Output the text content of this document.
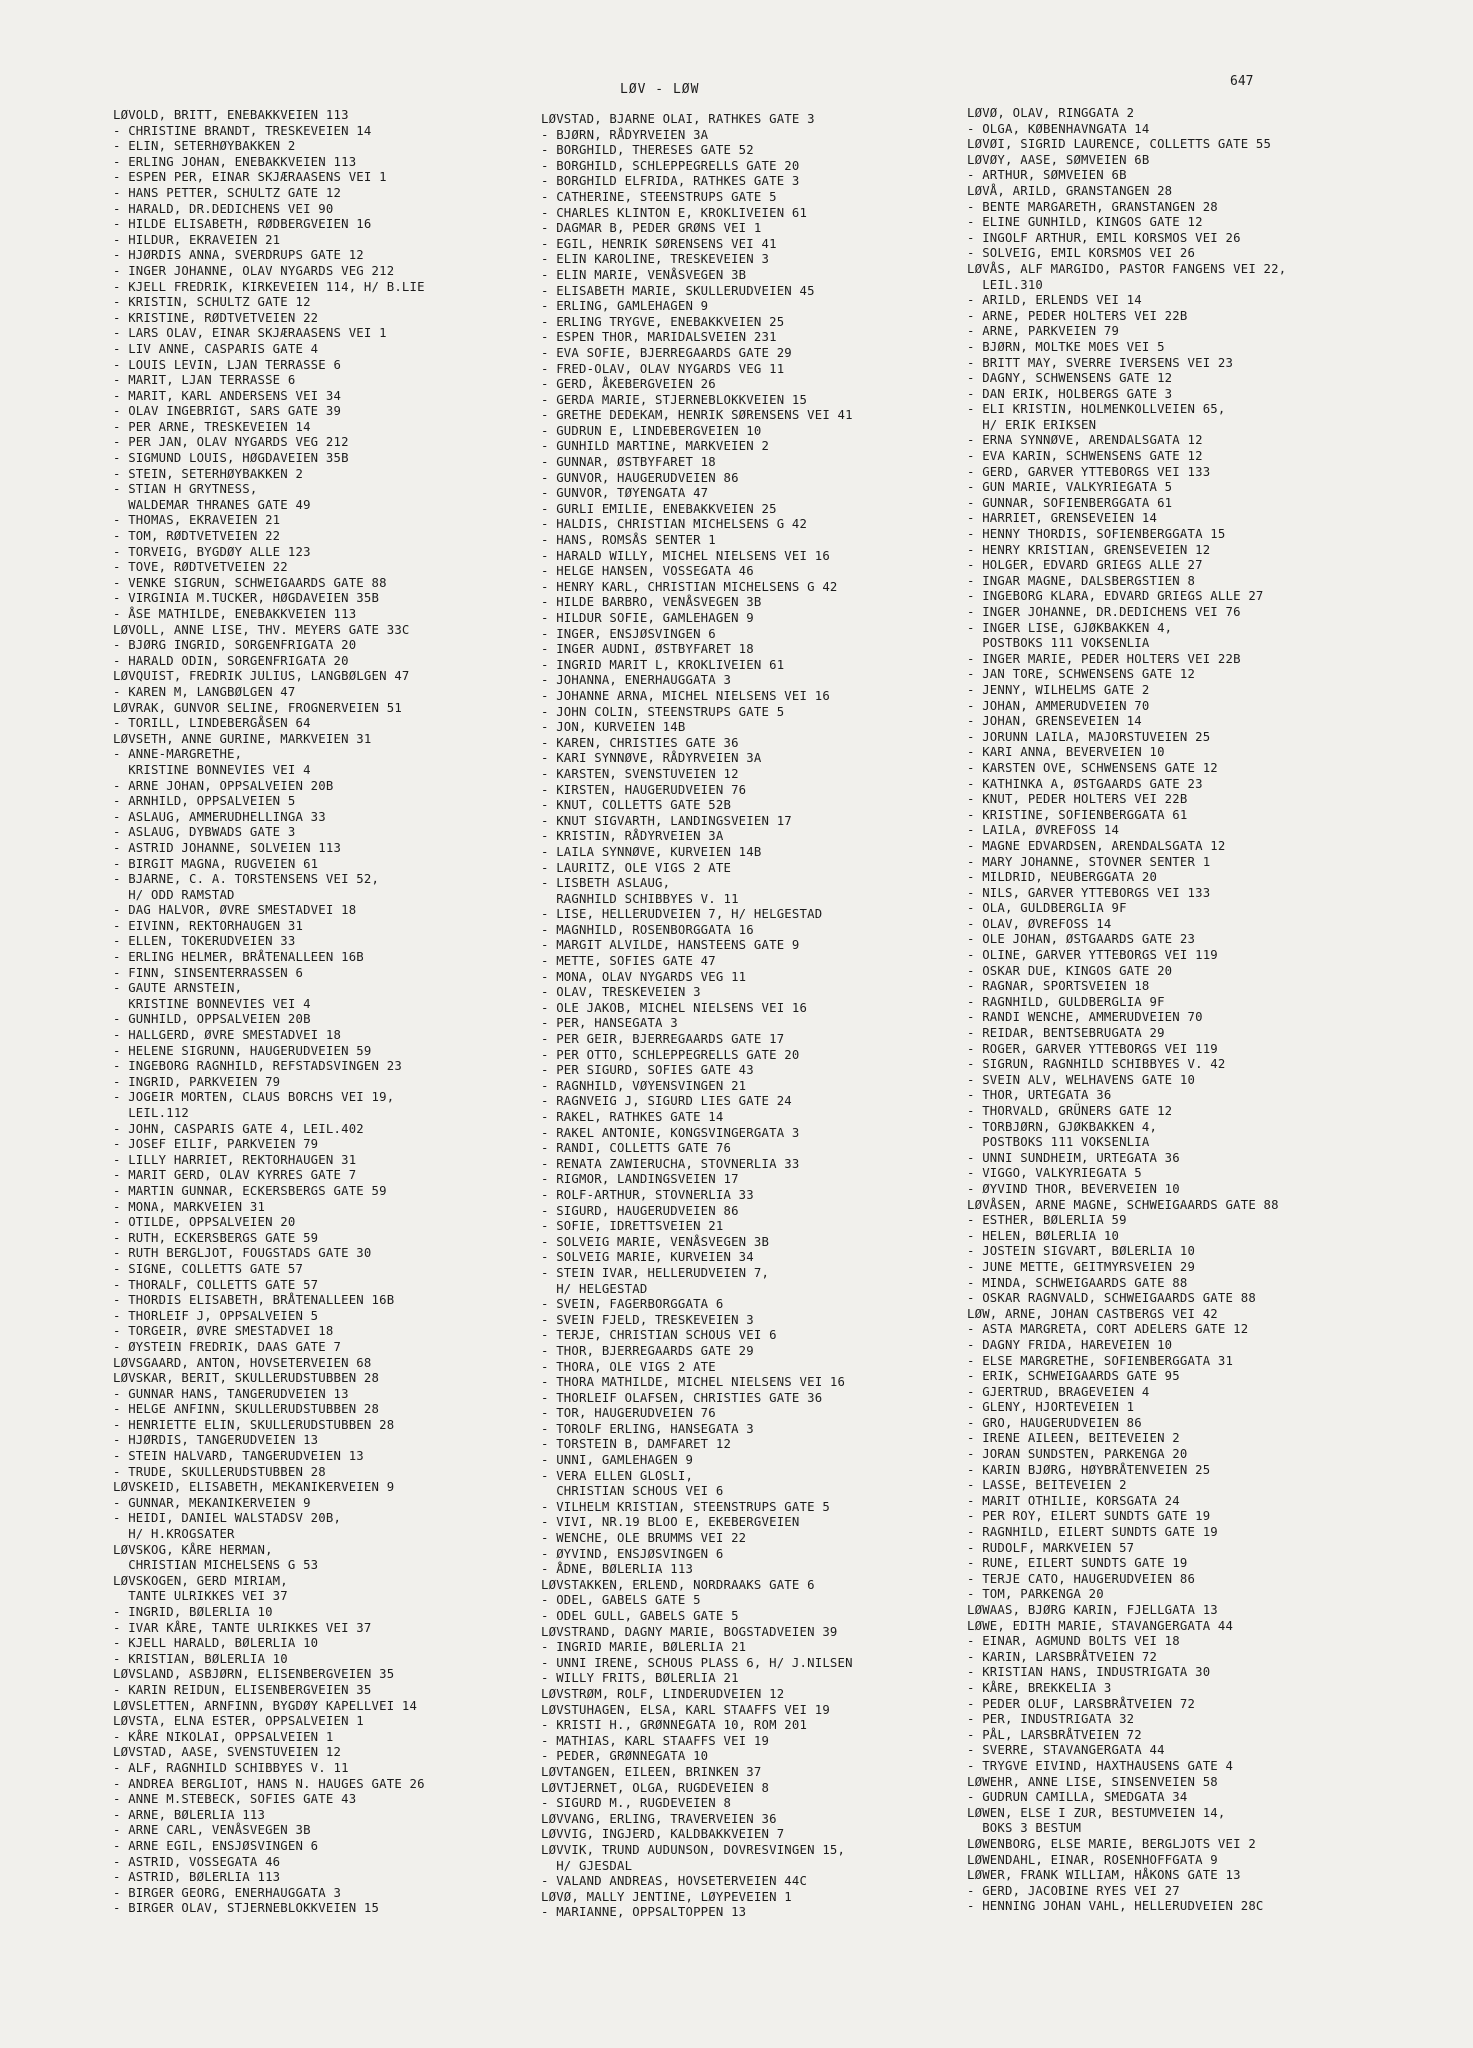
LØV - LØW
647
LØVOLD, BRITT, ENEBAKKVEIEN 113
- CHRISTINE BRANDT, TRESKEVEIEN 14
- ELIN, SETERHØYBAKKEN 2
- ERLING JOHAN, ENEBAKKVEIEN 113
- ESPEN PER, EINAR SKJÆRAASENS VEI 1
- HANS PETTER, SCHULTZ GATE 12
- HARALD, DR.DEDICHENS VEI 90
- HILDE ELISABETH, RØDBERGVEIEN 16
- HILDUR, EKRAVEIEN 21
- HJØRDIS ANNA, SVERDRUPS GATE 12
- INGER JOHANNE, OLAV NYGARDS VEG 212
- KJELL FREDRIK, KIRKEVEIEN 114, H/ B.LIE
- KRISTIN, SCHULTZ GATE 12
- KRISTINE, RØDTVETVEIEN 22
- LARS OLAV, EINAR SKJÆRAASENS VEI 1
- LIV ANNE, CASPARIS GATE 4
- LOUIS LEVIN, LJAN TERRASSE 6
- MARIT, LJAN TERRASSE 6
- MARIT, KARL ANDERSENS VEI 34
- OLAV INGEBRIGT, SARS GATE 39
- PER ARNE, TRESKEVEIEN 14
- PER JAN, OLAV NYGARDS VEG 212
- SIGMUND LOUIS, HØGDAVEIEN 35B
- STEIN, SETERHØYBAKKEN 2
- STIAN H GRYTNESS,
WALDEMAR THRANES GATE 49
- THOMAS, EKRAVEIEN 21
- TOM, RØDTVETVEIEN 22
- TORVEIG, BYGDØY ALLE 123
- TOVE, RØDTVETVEIEN 22
- VENKE SIGRUN, SCHWEIGAARDS GATE 88
- VIRGINIA M.TUCKER, HØGDAVEIEN 35B
- ÅSE MATHILDE, ENEBAKKVEIEN 113
LØVOLL, ANNE LISE, THV. MEYERS GATE 33C
- BJØRG INGRID, SORGENFRIGATA 20
- HARALD ODIN, SORGENFRIGATA 20
LØVQUIST, FREDRIK JULIUS, LANGBØLGEN 47
- KAREN M, LANGBØLGEN 47
LØVRAK, GUNVOR SELINE, FROGNERVEIEN 51
- TORILL, LINDEBERGÅSEN 64
LØVSETH, ANNE GURINE, MARKVEIEN 31
- ANNE-MARGRETHE,
KRISTINE BONNEVIES VEI 4
- ARNE JOHAN, OPPSALVEIEN 20B
- ARNHILD, OPPSALVEIEN 5
- ASLAUG, AMMERUDHELLINGA 33
- ASLAUG, DYBWADS GATE 3
- ASTRID JOHANNE, SOLVEIEN 113
- BIRGIT MAGNA, RUGVEIEN 61
- BJARNE, C. A. TORSTENSENS VEI 52,
H/ ODD RAMSTAD
- DAG HALVOR, ØVRE SMESTADVEI 18
- EIVINN, REKTORHAUGEN 31
- ELLEN, TOKERUDVEIEN 33
- ERLING HELMER, BRÅTENALLEEN 16B
- FINN, SINSENTERRASSEN 6
- GAUTE ARNSTEIN,
KRISTINE BONNEVIES VEI 4
- GUNHILD, OPPSALVEIEN 20B
- HALLGERD, ØVRE SMESTADVEI 18
- HELENE SIGRUNN, HAUGERUDVEIEN 59
- INGEBORG RAGNHILD, REFSTADSVINGEN 23
- INGRID, PARKVEIEN 79
- JOGEIR MORTEN, CLAUS BORCHS VEI 19,
LEIL.112
- JOHN, CASPARIS GATE 4, LEIL.402
- JOSEF EILIF, PARKVEIEN 79
- LILLY HARRIET, REKTORHAUGEN 31
- MARIT GERD, OLAV KYRRES GATE 7
- MARTIN GUNNAR, ECKERSBERGS GATE 59
- MONA, MARKVEIEN 31
- OTILDE, OPPSALVEIEN 20
- RUTH, ECKERSBERGS GATE 59
- RUTH BERGLJOT, FOUGSTADS GATE 30
- SIGNE, COLLETTS GATE 57
- THORALF, COLLETTS GATE 57
- THORDIS ELISABETH, BRÅTENALLEEN 16B
- THORLEIF J, OPPSALVEIEN 5
- TORGEIR, ØVRE SMESTADVEI 18
- ØYSTEIN FREDRIK, DAAS GATE 7
LØVSGAARD, ANTON, HOVSETERVEIEN 68
LØVSKAR, BERIT, SKULLERUDSTUBBEN 28
- GUNNAR HANS, TANGERUDVEIEN 13
- HELGE ANFINN, SKULLERUDSTUBBEN 28
- HENRIETTE ELIN, SKULLERUDSTUBBEN 28
- HJØRDIS, TANGERUDVEIEN 13
- STEIN HALVARD, TANGERUDVEIEN 13
- TRUDE, SKULLERUDSTUBBEN 28
LØVSKEID, ELISABETH, MEKANIKERVEIEN 9
- GUNNAR, MEKANIKERVEIEN 9
- HEIDI, DANIEL WALSTADSV 20B,
H/ H.KROGSATER
LØVSKOG, KÅRE HERMAN,
CHRISTIAN MICHELSENS G 53
LØVSKOGEN, GERD MIRIAM,
TANTE ULRIKKES VEI 37
- INGRID, BØLERLIA 10
- IVAR KÅRE, TANTE ULRIKKES VEI 37
- KJELL HARALD, BØLERLIA 10
- KRISTIAN, BØLERLIA 10
LØVSLAND, ASBJØRN, ELISENBERGVEIEN 35
- KARIN REIDUN, ELISENBERGVEIEN 35
LØVSLETTEN, ARNFINN, BYGDØY KAPELLVEI 14
LØVSTA, ELNA ESTER, OPPSALVEIEN 1
- KÅRE NIKOLAI, OPPSALVEIEN 1
LØVSTAD, AASE, SVENSTUVEIEN 12
- ALF, RAGNHILD SCHIBBYES V. 11
- ANDREA BERGLIOT, HANS N. HAUGES GATE 26
- ANNE M.STEBECK, SOFIES GATE 43
- ARNE, BØLERLIA 113
- ARNE CARL, VENÅSVEGEN 3B
- ARNE EGIL, ENSJØSVINGEN 6
- ASTRID, VOSSEGATA 46
- ASTRID, BØLERLIA 113
- BIRGER GEORG, ENERHAUGGATA 3
- BIRGER OLAV, STJERNEBLOKKVEIEN 15
LØVSTAD, BJARNE OLAI, RATHKES GATE 3
- BJØRN, RÅDYRVEIEN 3A
- BORGHILD, THERESES GATE 52
- BORGHILD, SCHLEPPEGRELLS GATE 20
- BORGHILD ELFRIDA, RATHKES GATE 3
- CATHERINE, STEENSTRUPS GATE 5
- CHARLES KLINTON E, KROKLIVEIEN 61
- DAGMAR B, PEDER GRØNS VEI 1
- EGIL, HENRIK SØRENSENS VEI 41
- ELIN KAROLINE, TRESKEVEIEN 3
- ELIN MARIE, VENÅSVEGEN 3B
- ELISABETH MARIE, SKULLERUDVEIEN 45
- ERLING, GAMLEHAGEN 9
- ERLING TRYGVE, ENEBAKKVEIEN 25
- ESPEN THOR, MARIDALSVEIEN 231
- EVA SOFIE, BJERREGAARDS GATE 29
- FRED-OLAV, OLAV NYGARDS VEG 11
- GERD, ÅKEBERGVEIEN 26
- GERDA MARIE, STJERNEBLOKKVEIEN 15
- GRETHE DEDEKAM, HENRIK SØRENSENS VEI 41
- GUDRUN E, LINDEBERGVEIEN 10
- GUNHILD MARTINE, MARKVEIEN 2
- GUNNAR, ØSTBYFARET 18
- GUNVOR, HAUGERUDVEIEN 86
- GUNVOR, TØYENGATA 47
- GURLI EMILIE, ENEBAKKVEIEN 25
- HALDIS, CHRISTIAN MICHELSENS G 42
- HANS, ROMSÅS SENTER 1
- HARALD WILLY, MICHEL NIELSENS VEI 16
- HELGE HANSEN, VOSSEGATA 46
- HENRY KARL, CHRISTIAN MICHELSENS G 42
- HILDE BARBRO, VENÅSVEGEN 3B
- HILDUR SOFIE, GAMLEHAGEN 9
- INGER, ENSJØSVINGEN 6
- INGER AUDNI, ØSTBYFARET 18
- INGRID MARIT L, KROKLIVEIEN 61
- JOHANNA, ENERHAUGGATA 3
- JOHANNE ARNA, MICHEL NIELSENS VEI 16
- JOHN COLIN, STEENSTRUPS GATE 5
- JON, KURVEIEN 14B
- KAREN, CHRISTIES GATE 36
- KARI SYNNØVE, RÅDYRVEIEN 3A
- KARSTEN, SVENSTUVEIEN 12
- KIRSTEN, HAUGERUDVEIEN 76
- KNUT, COLLETTS GATE 52B
- KNUT SIGVARTH, LANDINGSVEIEN 17
- KRISTIN, RÅDYRVEIEN 3A
- LAILA SYNNØVE, KURVEIEN 14B
- LAURITZ, OLE VIGS 2 ATE
- LISBETH ASLAUG,
RAGNHILD SCHIBBYES V. 11
- LISE, HELLERUDVEIEN 7, H/ HELGESTAD
- MAGNHILD, ROSENBORGGATA 16
- MARGIT ALVILDE, HANSTEENS GATE 9
- METTE, SOFIES GATE 47
- MONA, OLAV NYGARDS VEG 11
- OLAV, TRESKEVEIEN 3
- OLE JAKOB, MICHEL NIELSENS VEI 16
- PER, HANSEGATA 3
- PER GEIR, BJERREGAARDS GATE 17
- PER OTTO, SCHLEPPEGRELLS GATE 20
- PER SIGURD, SOFIES GATE 43
- RAGNHILD, VØYENSVINGEN 21
- RAGNVEIG J, SIGURD LIES GATE 24
- RAKEL, RATHKES GATE 14
- RAKEL ANTONIE, KONGSVINGERGATA 3
- RANDI, COLLETTS GATE 76
- RENATA ZAWIERUCHA, STOVNERLIA 33
- RIGMOR, LANDINGSVEIEN 17
- ROLF-ARTHUR, STOVNERLIA 33
- SIGURD, HAUGERUDVEIEN 86
- SOFIE, IDRETTSVEIEN 21
- SOLVEIG MARIE, VENÅSVEGEN 3B
- SOLVEIG MARIE, KURVEIEN 34
- STEIN IVAR, HELLERUDVEIEN 7,
H/ HELGESTAD
- SVEIN, FAGERBORGGATA 6
- SVEIN FJELD, TRESKEVEIEN 3
- TERJE, CHRISTIAN SCHOUS VEI 6
- THOR, BJERREGAARDS GATE 29
- THORA, OLE VIGS 2 ATE
- THORA MATHILDE, MICHEL NIELSENS VEI 16
- THORLEIF OLAFSEN, CHRISTIES GATE 36
- TOR, HAUGERUDVEIEN 76
- TOROLF ERLING, HANSEGATA 3
- TORSTEIN B, DAMFARET 12
- UNNI, GAMLEHAGEN 9
- VERA ELLEN GLOSLI,
CHRISTIAN SCHOUS VEI 6
- VILHELM KRISTIAN, STEENSTRUPS GATE 5
- VIVI, NR.19 BLOO E, EKEBERGVEIEN
- WENCHE, OLE BRUMMS VEI 22
- ØYVIND, ENSJØSVINGEN 6
- ÅDNE, BØLERLIA 113
LØVSTAKKEN, ERLEND, NORDRAAKS GATE 6
- ODEL, GABELS GATE 5
- ODEL GULL, GABELS GATE 5
LØVSTRAND, DAGNY MARIE, BOGSTADVEIEN 39
- INGRID MARIE, BØLERLIA 21
- UNNI IRENE, SCHOUS PLASS 6, H/ J.NILSEN
- WILLY FRITS, BØLERLIA 21
LØVSTRØM, ROLF, LINDERUDVEIEN 12
LØVSTUHAGEN, ELSA, KARL STAAFFS VEI 19
- KRISTI H., GRØNNEGATA 10, ROM 201
- MATHIAS, KARL STAAFFS VEI 19
- PEDER, GRØNNEGATA 10
LØVTANGEN, EILEEN, BRINKEN 37
LØVTJERNET, OLGA, RUGDEVEIEN 8
- SIGURD M., RUGDEVEIEN 8
LØVVANG, ERLING, TRAVERVEIEN 36
LØVVIG, INGJERD, KALDBAKKVEIEN 7
LØVVIK, TRUND AUDUNSON, DOVRESVINGEN 15,
H/ GJESDAL
- VALAND ANDREAS, HOVSETERVEIEN 44C
LØVØ, MALLY JENTINE, LØYPEVEIEN 1
- MARIANNE, OPPSALTOPPEN 13
LØVØ, OLAV, RINGGATA 2
- OLGA, KØBENHAVNGATA 14
LØVØI, SIGRID LAURENCE, COLLETTS GATE 55
LØVØY, AASE, SØMVEIEN 6B
- ARTHUR, SØMVEIEN 6B
LØVÅ, ARILD, GRANSTANGEN 28
- BENTE MARGARETH, GRANSTANGEN 28
- ELINE GUNHILD, KINGOS GATE 12
- INGOLF ARTHUR, EMIL KORSMOS VEI 26
- SOLVEIG, EMIL KORSMOS VEI 26
LØVÅS, ALF MARGIDO, PASTOR FANGENS VEI 22,
LEIL.310
- ARILD, ERLENDS VEI 14
- ARNE, PEDER HOLTERS VEI 22B
- ARNE, PARKVEIEN 79
- BJØRN, MOLTKE MOES VEI 5
- BRITT MAY, SVERRE IVERSENS VEI 23
- DAGNY, SCHWENSENS GATE 12
- DAN ERIK, HOLBERGS GATE 3
- ELI KRISTIN, HOLMENKOLLVEIEN 65,
H/ ERIK ERIKSEN
- ERNA SYNNØVE, ARENDALSGATA 12
- EVA KARIN, SCHWENSENS GATE 12
- GERD, GARVER YTTEBORGS VEI 133
- GUN MARIE, VALKYRIEGATA 5
- GUNNAR, SOFIENBERGGATA 61
- HARRIET, GRENSEVEIEN 14
- HENNY THORDIS, SOFIENBERGGATA 15
- HENRY KRISTIAN, GRENSEVEIEN 12
- HOLGER, EDVARD GRIEGS ALLE 27
- INGAR MAGNE, DALSBERGSTIEN 8
- INGEBORG KLARA, EDVARD GRIEGS ALLE 27
- INGER JOHANNE, DR.DEDICHENS VEI 76
- INGER LISE, GJØKBAKKEN 4,
POSTBOKS 111 VOKSENLIA
- INGER MARIE, PEDER HOLTERS VEI 22B
- JAN TORE, SCHWENSENS GATE 12
- JENNY, WILHELMS GATE 2
- JOHAN, AMMERUDVEIEN 70
- JOHAN, GRENSEVEIEN 14
- JORUNN LAILA, MAJORSTUVEIEN 25
- KARI ANNA, BEVERVEIEN 10
- KARSTEN OVE, SCHWENSENS GATE 12
- KATHINKA A, ØSTGAARDS GATE 23
- KNUT, PEDER HOLTERS VEI 22B
- KRISTINE, SOFIENBERGGATA 61
- LAILA, ØVREFOSS 14
- MAGNE EDVARDSEN, ARENDALSGATA 12
- MARY JOHANNE, STOVNER SENTER 1
- MILDRID, NEUBERGGATA 20
- NILS, GARVER YTTEBORGS VEI 133
- OLA, GULDBERGLIA 9F
- OLAV, ØVREFOSS 14
- OLE JOHAN, ØSTGAARDS GATE 23
- OLINE, GARVER YTTEBORGS VEI 119
- OSKAR DUE, KINGOS GATE 20
- RAGNAR, SPORTSVEIEN 18
- RAGNHILD, GULDBERGLIA 9F
- RANDI WENCHE, AMMERUDVEIEN 70
- REIDAR, BENTSEBRUGATA 29
- ROGER, GARVER YTTEBORGS VEI 119
- SIGRUN, RAGNHILD SCHIBBYES V. 42
- SVEIN ALV, WELHAVENS GATE 10
- THOR, URTEGATA 36
- THORVALD, GRÜNERS GATE 12
- TORBJØRN, GJØKBAKKEN 4,
POSTBOKS 111 VOKSENLIA
- UNNI SUNDHEIM, URTEGATA 36
- VIGGO, VALKYRIEGATA 5
- ØYVIND THOR, BEVERVEIEN 10
LØVÅSEN, ARNE MAGNE, SCHWEIGAARDS GATE 88
- ESTHER, BØLERLIA 59
- HELEN, BØLERLIA 10
- JOSTEIN SIGVART, BØLERLIA 10
- JUNE METTE, GEITMYRSVEIEN 29
- MINDA, SCHWEIGAARDS GATE 88
- OSKAR RAGNVALD, SCHWEIGAARDS GATE 88
LØW, ARNE, JOHAN CASTBERGS VEI 42
- ASTA MARGRETA, CORT ADELERS GATE 12
- DAGNY FRIDA, HAREVEIEN 10
- ELSE MARGRETHE, SOFIENBERGGATA 31
- ERIK, SCHWEIGAARDS GATE 95
- GJERTRUD, BRAGEVEIEN 4
- GLENY, HJORTEVEIEN 1
- GRO, HAUGERUDVEIEN 86
- IRENE AILEEN, BEITEVEIEN 2
- JORAN SUNDSTEN, PARKENGA 20
- KARIN BJØRG, HØYBRÅTENVEIEN 25
- LASSE, BEITEVEIEN 2
- MARIT OTHILIE, KORSGATA 24
- PER ROY, EILERT SUNDTS GATE 19
- RAGNHILD, EILERT SUNDTS GATE 19
- RUDOLF, MARKVEIEN 57
- RUNE, EILERT SUNDTS GATE 19
- TERJE CATO, HAUGERUDVEIEN 86
- TOM, PARKENGA 20
LØWAAS, BJØRG KARIN, FJELLGATA 13
LØWE, EDITH MARIE, STAVANGERGATA 44
- EINAR, AGMUND BOLTS VEI 18
- KARIN, LARSBRÅTVEIEN 72
- KRISTIAN HANS, INDUSTRIGATA 30
- KÅRE, BREKKELIA 3
- PEDER OLUF, LARSBRÅTVEIEN 72
- PER, INDUSTRIGATA 32
- PÅL, LARSBRÅTVEIEN 72
- SVERRE, STAVANGERGATA 44
- TRYGVE EIVIND, HAXTHAUSENS GATE 4
LØWEHR, ANNE LISE, SINSENVEIEN 58
- GUDRUN CAMILLA, SMEDGATA 34
LØWEN, ELSE I ZUR, BESTUMVEIEN 14,
BOKS 3 BESTUM
LØWENBORG, ELSE MARIE, BERGLJOTS VEI 2
LØWENDAHL, EINAR, ROSENHOFFGATA 9
LØWER, FRANK WILLIAM, HÅKONS GATE 13
- GERD, JACOBINE RYES VEI 27
- HENNING JOHAN VAHL, HELLERUDVEIEN 28C
